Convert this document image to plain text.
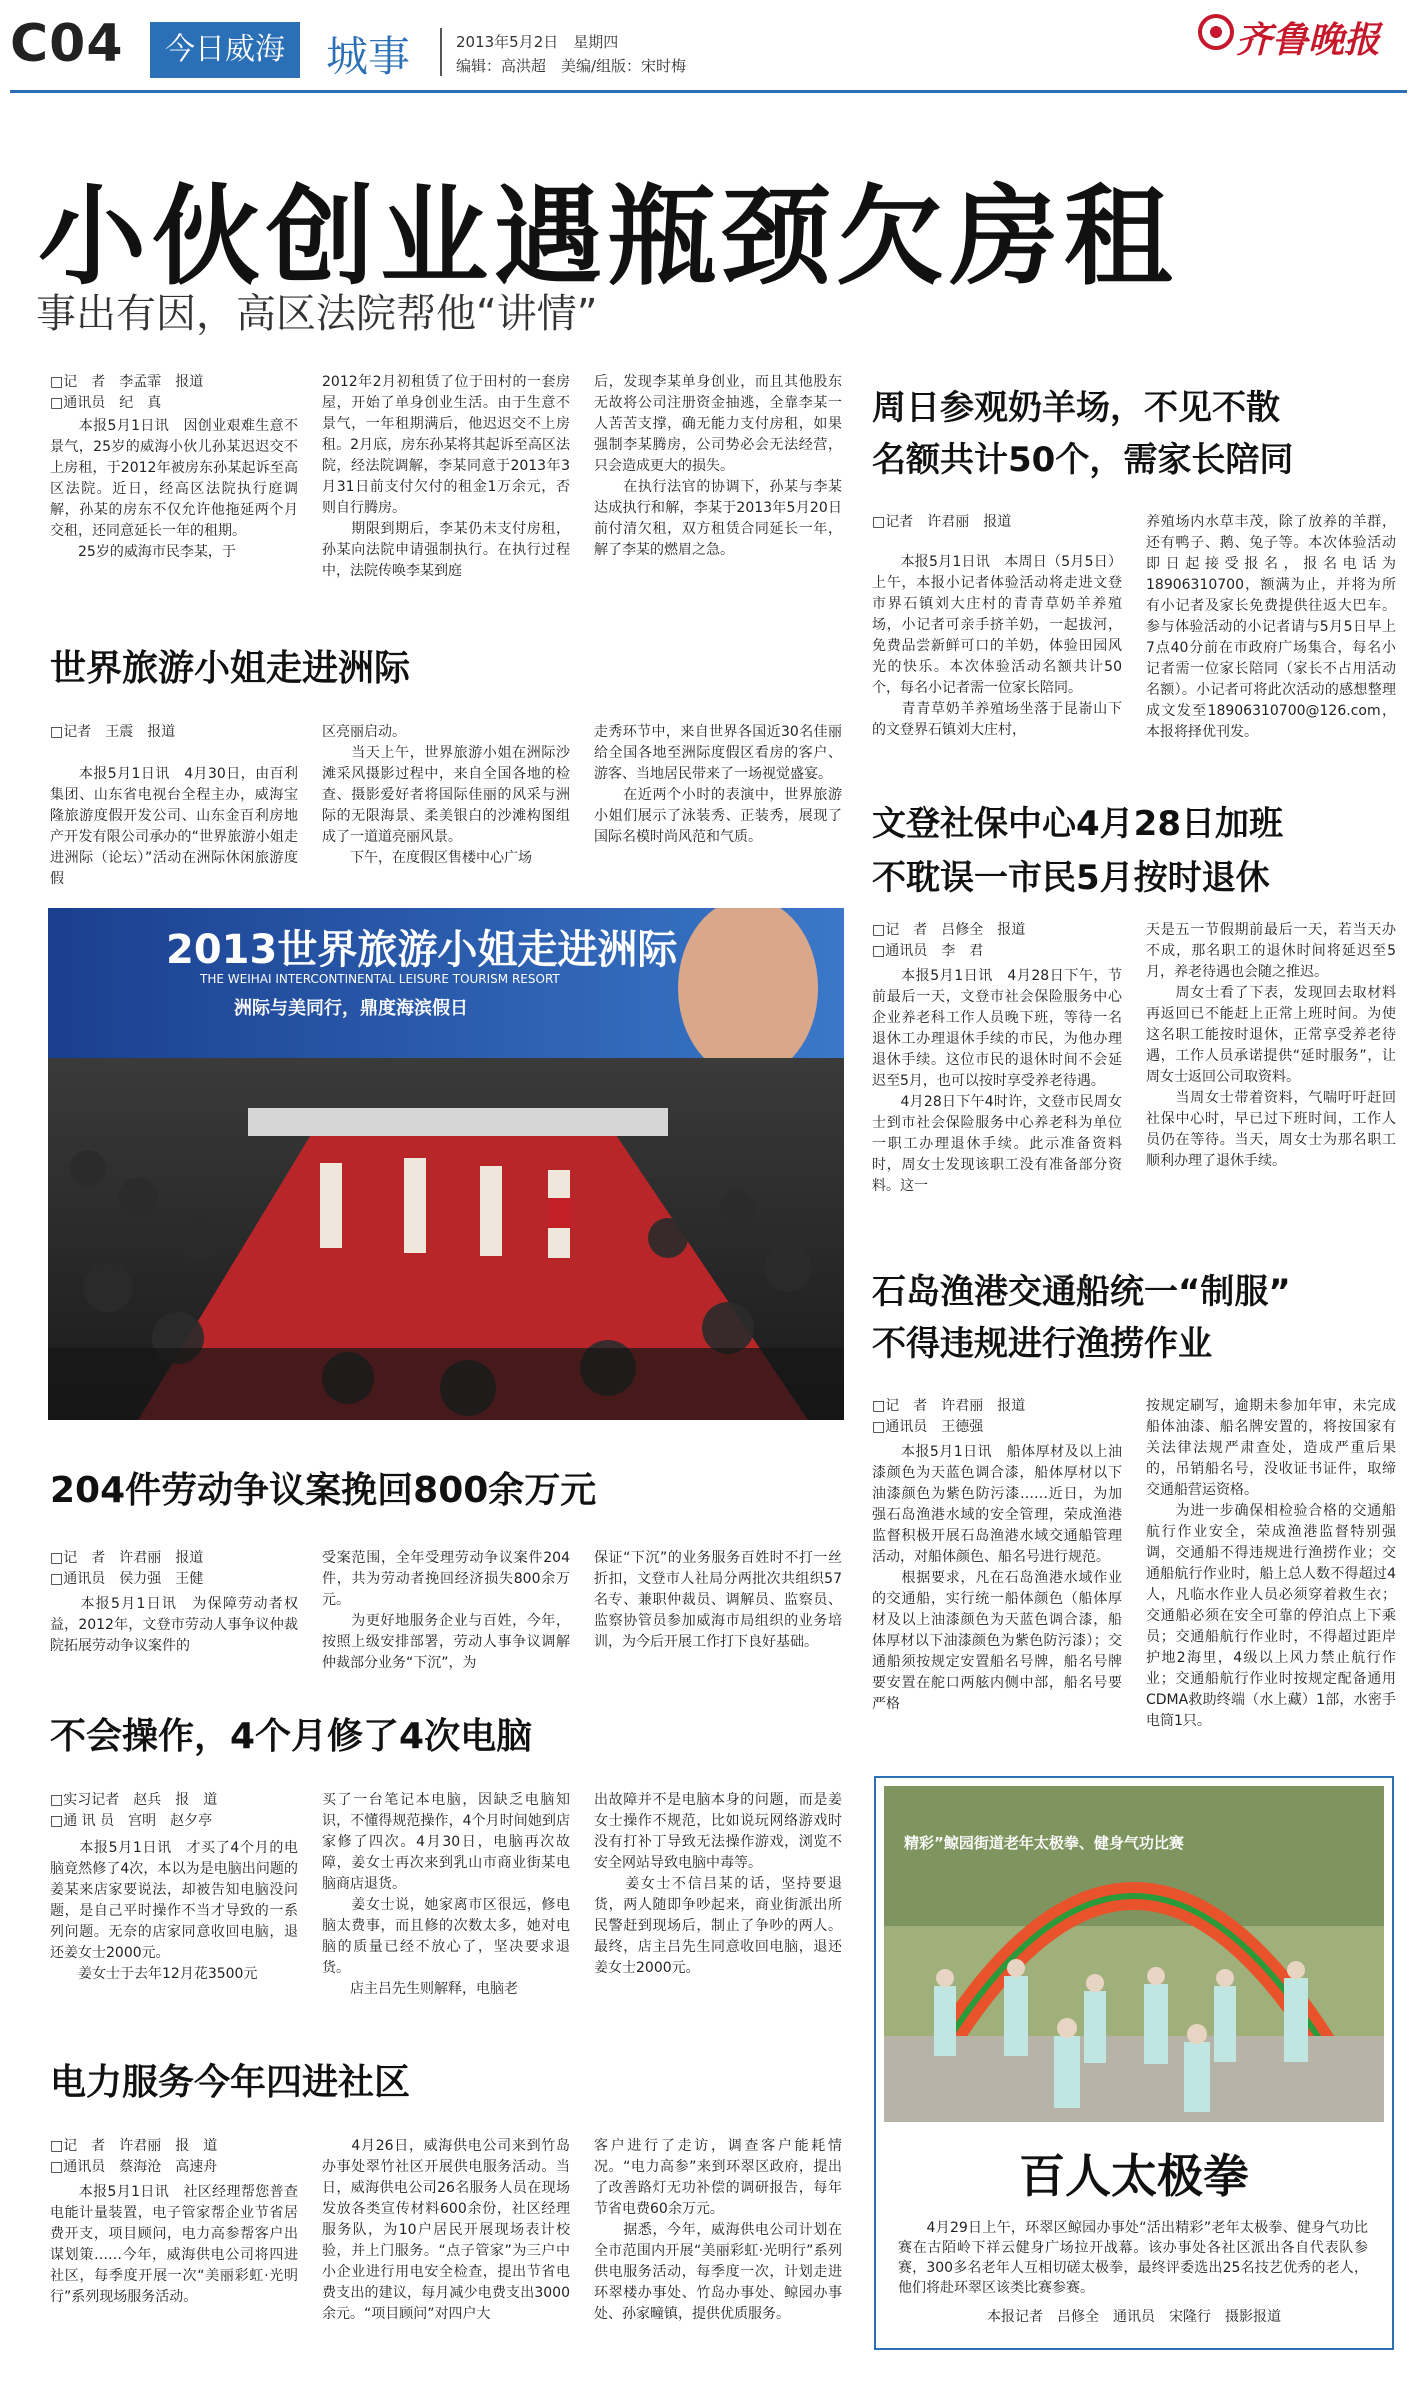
C04	今日威海 城事	2013年5月2日　星期四
编辑：高洪超　美编/组版：宋时梅
齐鲁晚报
小伙创业遇瓶颈欠房租
事出有因，高区法院帮他“讲情”
□记　者　李孟霏　报道
□通讯员　纪　真
　　本报5月1日讯　因创业艰难生意不景气，25岁的威海小伙儿孙某迟迟交不上房租，于2012年被房东孙某起诉至高区法院。近日，经高区法院执行庭调解，孙某的房东不仅允许他拖延两个月交租，还同意延长一年的租期。
　　25岁的威海市民李某，于
2012年2月初租赁了位于田村的一套房屋，开始了单身创业生活。由于生意不景气，一年租期满后，他迟迟交不上房租。2月底，房东孙某将其起诉至高区法院，经法院调解，李某同意于2013年3月31日前支付欠付的租金1万余元，否则自行腾房。
　　期限到期后，李某仍未支付房租，孙某向法院申请强制执行。在执行过程中，法院传唤李某到庭
后，发现李某单身创业，而且其他股东无故将公司注册资金抽逃，全靠李某一人苦苦支撑，确无能力支付房租，如果强制李某腾房，公司势必会无法经营，只会造成更大的损失。
　　在执行法官的协调下，孙某与李某达成执行和解，李某于2013年5月20日前付清欠租，双方租赁合同延长一年，解了李某的燃眉之急。
世界旅游小姐走进洲际
□记者　王震　报道
　　本报5月1日讯　4月30日，由百利集团、山东省电视台全程主办，威海宝隆旅游度假开发公司、山东金百利房地产开发有限公司承办的“世界旅游小姐走进洲际（论坛）”活动在洲际休闲旅游度假
区亮丽启动。
　　当天上午，世界旅游小姐在洲际沙滩采风摄影过程中，来自全国各地的检查、摄影爱好者将国际佳丽的风采与洲际的无限海景、柔美银白的沙滩构图组成了一道道亮丽风景。
　　下午，在度假区售楼中心广场
走秀环节中，来自世界各国近30名佳丽给全国各地至洲际度假区看房的客户、游客、当地居民带来了一场视觉盛宴。
　　在近两个小时的表演中，世界旅游小姐们展示了泳装秀、正装秀，展现了国际名模时尚风范和气质。
2013世界旅游小姐走进洲际
THE WEIHAI INTERCONTINENTAL LEISURE TOURISM RESORT
洲际与美同行，鼎度海滨假日
204件劳动争议案挽回800余万元
□记　者　许君丽　报道
□通讯员　侯力强　王健
　　本报5月1日讯　为保障劳动者权益，2012年，文登市劳动人事争议仲裁院拓展劳动争议案件的
受案范围，全年受理劳动争议案件204件，共为劳动者挽回经济损失800余万元。
　　为更好地服务企业与百姓，今年，按照上级安排部署，劳动人事争议调解仲裁部分业务“下沉”，为
保证“下沉”的业务服务百姓时不打一丝折扣，文登市人社局分两批次共组织57名专、兼职仲裁员、调解员、监察员、监察协管员参加威海市局组织的业务培训，为今后开展工作打下良好基础。
不会操作，4个月修了4次电脑
□实习记者　赵兵　报　道
□通 讯 员　宫明　赵夕亭
　　本报5月1日讯　才买了4个月的电脑竟然修了4次，本以为是电脑出问题的姜某来店家要说法，却被告知电脑没问题，是自己平时操作不当才导致的一系列问题。无奈的店家同意收回电脑，退还姜女士2000元。
　　姜女士于去年12月花3500元
买了一台笔记本电脑，因缺乏电脑知识，不懂得规范操作，4个月时间她到店家修了四次。4月30日，电脑再次故障，姜女士再次来到乳山市商业街某电脑商店退货。
　　姜女士说，她家离市区很远，修电脑太费事，而且修的次数太多，她对电脑的质量已经不放心了，坚决要求退货。
　　店主吕先生则解释，电脑老
出故障并不是电脑本身的问题，而是姜女士操作不规范，比如说玩网络游戏时没有打补丁导致无法操作游戏，浏览不安全网站导致电脑中毒等。
　　姜女士不信吕某的话，坚持要退货，两人随即争吵起来，商业街派出所民警赶到现场后，制止了争吵的两人。最终，店主吕先生同意收回电脑，退还姜女士2000元。
电力服务今年四进社区
□记　者　许君丽　报　道
□通讯员　蔡海沧　高速舟
　　本报5月1日讯　社区经理帮您普查电能计量装置，电子管家帮企业节省居费开支，项目顾问，电力高参帮客户出谋划策……今年，威海供电公司将四进社区，每季度开展一次“美丽彩虹·光明行”系列现场服务活动。
　　4月26日，威海供电公司来到竹岛办事处翠竹社区开展供电服务活动。当日，威海供电公司26名服务人员在现场发放各类宣传材料600余份，社区经理服务队，为10户居民开展现场表计校验，并上门服务。“点子管家”为三户中小企业进行用电安全检查，提出节省电费支出的建议，每月减少电费支出3000余元。“项目顾问”对四户大
客户进行了走访，调查客户能耗情况。“电力高参”来到环翠区政府，提出了改善路灯无功补偿的调研报告，每年节省电费60余万元。
　　据悉，今年，威海供电公司计划在全市范围内开展“美丽彩虹·光明行”系列供电服务活动，每季度一次，计划走进环翠楼办事处、竹岛办事处、鲸园办事处、孙家疃镇，提供优质服务。
周日参观奶羊场，不见不散
名额共计50个，需家长陪同
□记者　许君丽　报道
　　本报5月1日讯　本周日（5月5日）上午，本报小记者体验活动将走进文登市界石镇刘大庄村的青青草奶羊养殖场，小记者可亲手挤羊奶，一起拔河，免费品尝新鲜可口的羊奶，体验田园风光的快乐。本次体验活动名额共计50个，每名小记者需一位家长陪同。
　　青青草奶羊养殖场坐落于昆嵛山下的文登界石镇刘大庄村，
养殖场内水草丰茂，除了放养的羊群，还有鸭子、鹅、兔子等。本次体验活动即日起接受报名，报名电话为18906310700，额满为止，并将为所有小记者及家长免费提供往返大巴车。参与体验活动的小记者请与5月5日早上7点40分前在市政府广场集合，每名小记者需一位家长陪同（家长不占用活动名额）。小记者可将此次活动的感想整理成文发至18906310700@126.com，本报将择优刊发。
文登社保中心4月28日加班
不耽误一市民5月按时退休
□记　者　吕修全　报道
□通讯员　李　君
　　本报5月1日讯　4月28日下午，节前最后一天，文登市社会保险服务中心企业养老科工作人员晚下班，等待一名退休工办理退休手续的市民，为他办理退休手续。这位市民的退休时间不会延迟至5月，也可以按时享受养老待遇。
　　4月28日下午4时许，文登市民周女士到市社会保险服务中心养老科为单位一职工办理退休手续。此示准备资料时，周女士发现该职工没有准备部分资料。这一
天是五一节假期前最后一天，若当天办不成，那名职工的退休时间将延迟至5月，养老待遇也会随之推迟。
　　周女士看了下表，发现回去取材料再返回已不能赶上正常上班时间。为使这名职工能按时退休，正常享受养老待遇，工作人员承诺提供“延时服务”，让周女士返回公司取资料。
　　当周女士带着资料，气喘吁吁赶回社保中心时，早已过下班时间，工作人员仍在等待。当天，周女士为那名职工顺利办理了退休手续。
石岛渔港交通船统一“制服”
不得违规进行渔捞作业
□记　者　许君丽　报道
□通讯员　王德强
　　本报5月1日讯　船体厚材及以上油漆颜色为天蓝色调合漆，船体厚材以下油漆颜色为紫色防污漆……近日，为加强石岛渔港水域的安全管理，荣成渔港监督积极开展石岛渔港水域交通船管理活动，对船体颜色、船名号进行规范。
　　根据要求，凡在石岛渔港水域作业的交通船，实行统一船体颜色（船体厚材及以上油漆颜色为天蓝色调合漆，船体厚材以下油漆颜色为紫色防污漆）；交通船须按规定安置船名号牌，船名号牌要安置在舵口两舷内侧中部，船名号要严格
按规定刷写，逾期未参加年审，未完成船体油漆、船名牌安置的，将按国家有关法律法规严肃查处，造成严重后果的，吊销船名号，没收证书证件，取缔交通船营运资格。
　　为进一步确保相检验合格的交通船航行作业安全，荣成渔港监督特别强调，交通船不得违规进行渔捞作业；交通船航行作业时，船上总人数不得超过4人，凡临水作业人员必须穿着救生衣；交通船必须在安全可靠的停泊点上下乘员；交通船航行作业时，不得超过距岸护地2海里，4级以上风力禁止航行作业；交通船航行作业时按规定配备通用CDMA救助终端（水上藏）1部，水密手电筒1只。
精彩”鲸园街道老年太极拳、健身气功比赛
百人太极拳
　　4月29日上午，环翠区鲸园办事处“活出精彩”老年太极拳、健身气功比赛在古陌岭下祥云健身广场拉开战幕。该办事处各社区派出各自代表队参赛，300多名老年人互相切磋太极拳，最终评委选出25名技艺优秀的老人，他们将赴环翠区该类比赛参赛。
本报记者　吕修全　通讯员　宋隆行　摄影报道
